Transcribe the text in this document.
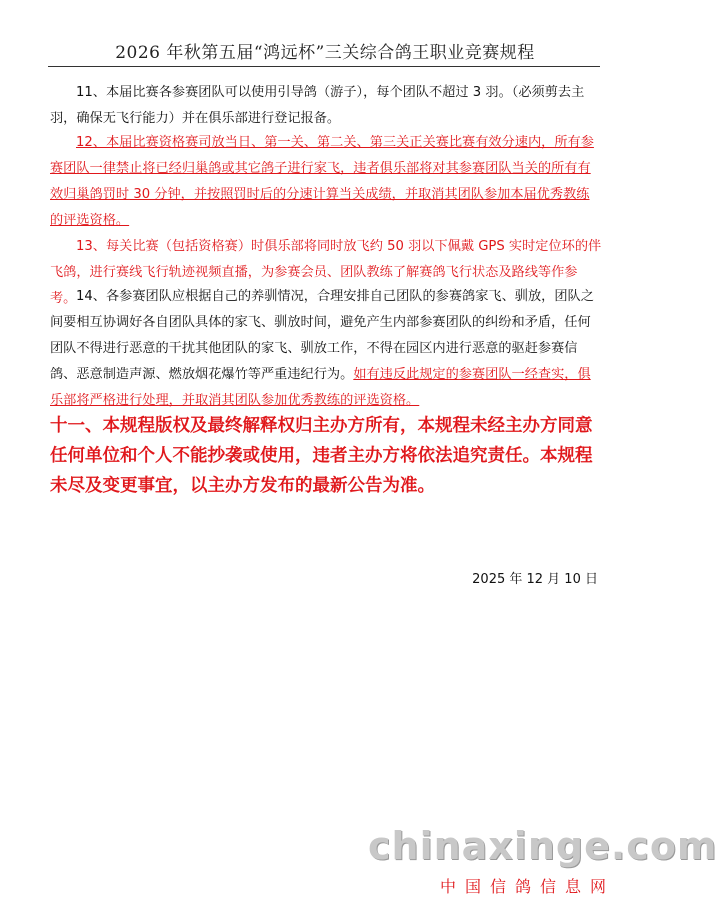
2026 年秋第五届“鸿远杯”三关综合鸽王职业竞赛规程

11、本届比赛各参赛团队可以使用引导鸽（游子），每个团队不超过 3 羽。（必须剪去主羽，确保无飞行能力）并在俱乐部进行登记报备。

12、本届比赛资格赛司放当日、第一关、第二关、第三关正关赛比赛有效分速内，所有参赛团队一律禁止将已经归巢鸽或其它鸽子进行家飞，违者俱乐部将对其参赛团队当关的所有有效归巢鸽罚时 30 分钟，并按照罚时后的分速计算当关成绩，并取消其团队参加本届优秀教练的评选资格。

13、每关比赛（包括资格赛）时俱乐部将同时放飞约 50 羽以下佩戴 GPS 实时定位环的伴飞鸽，进行赛线飞行轨迹视频直播，为参赛会员、团队教练了解赛鸽飞行状态及路线等作参考。 14、各参赛团队应根据自己的养驯情况，合理安排自己团队的参赛鸽家飞、驯放，团队之间要相互协调好各自团队具体的家飞、驯放时间，避免产生内部参赛团队的纠纷和矛盾，任何团队不得进行恶意的干扰其他团队的家飞、驯放工作，不得在园区内进行恶意的驱赶参赛信鸽、恶意制造声源、燃放烟花爆竹等严重违纪行为。如有违反此规定的参赛团队一经查实，俱乐部将严格进行处理，并取消其团队参加优秀教练的评选资格。

十一、本规程版权及最终解释权归主办方所有，本规程未经主办方同意任何单位和个人不能抄袭或使用，违者主办方将依法追究责任。本规程未尽及变更事宜，以主办方发布的最新公告为准。

2025 年 12 月 10 日
chinaxinge.com
中国信鸽信息网
